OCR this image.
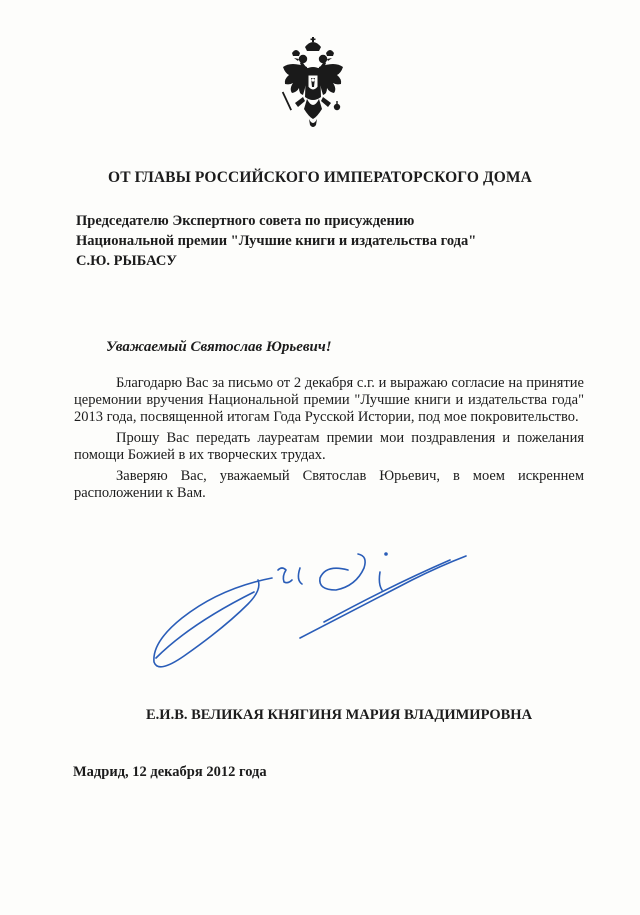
ОТ ГЛАВЫ РОССИЙСКОГО ИМПЕРАТОРСКОГО ДОМА
Председателю Экспертного совета по присуждению
Национальной премии "Лучшие книги и издательства года"
С.Ю. РЫБАСУ
Уважаемый Святослав Юрьевич!

Благодарю Вас за письмо от 2 декабря с.г. и выражаю согласие на принятие церемонии вручения Национальной премии "Лучшие книги и издательства года" 2013 года, посвященной итогам Года Русской Истории, под мое покровительство.

Прошу Вас передать лауреатам премии мои поздравления и пожелания помощи Божией в их творческих трудах.

Заверяю Вас, уважаемый Святослав Юрьевич, в моем искреннем расположении к Вам.

Е.И.В. ВЕЛИКАЯ КНЯГИНЯ МАРИЯ ВЛАДИМИРОВНА
Мадрид, 12 декабря 2012 года
